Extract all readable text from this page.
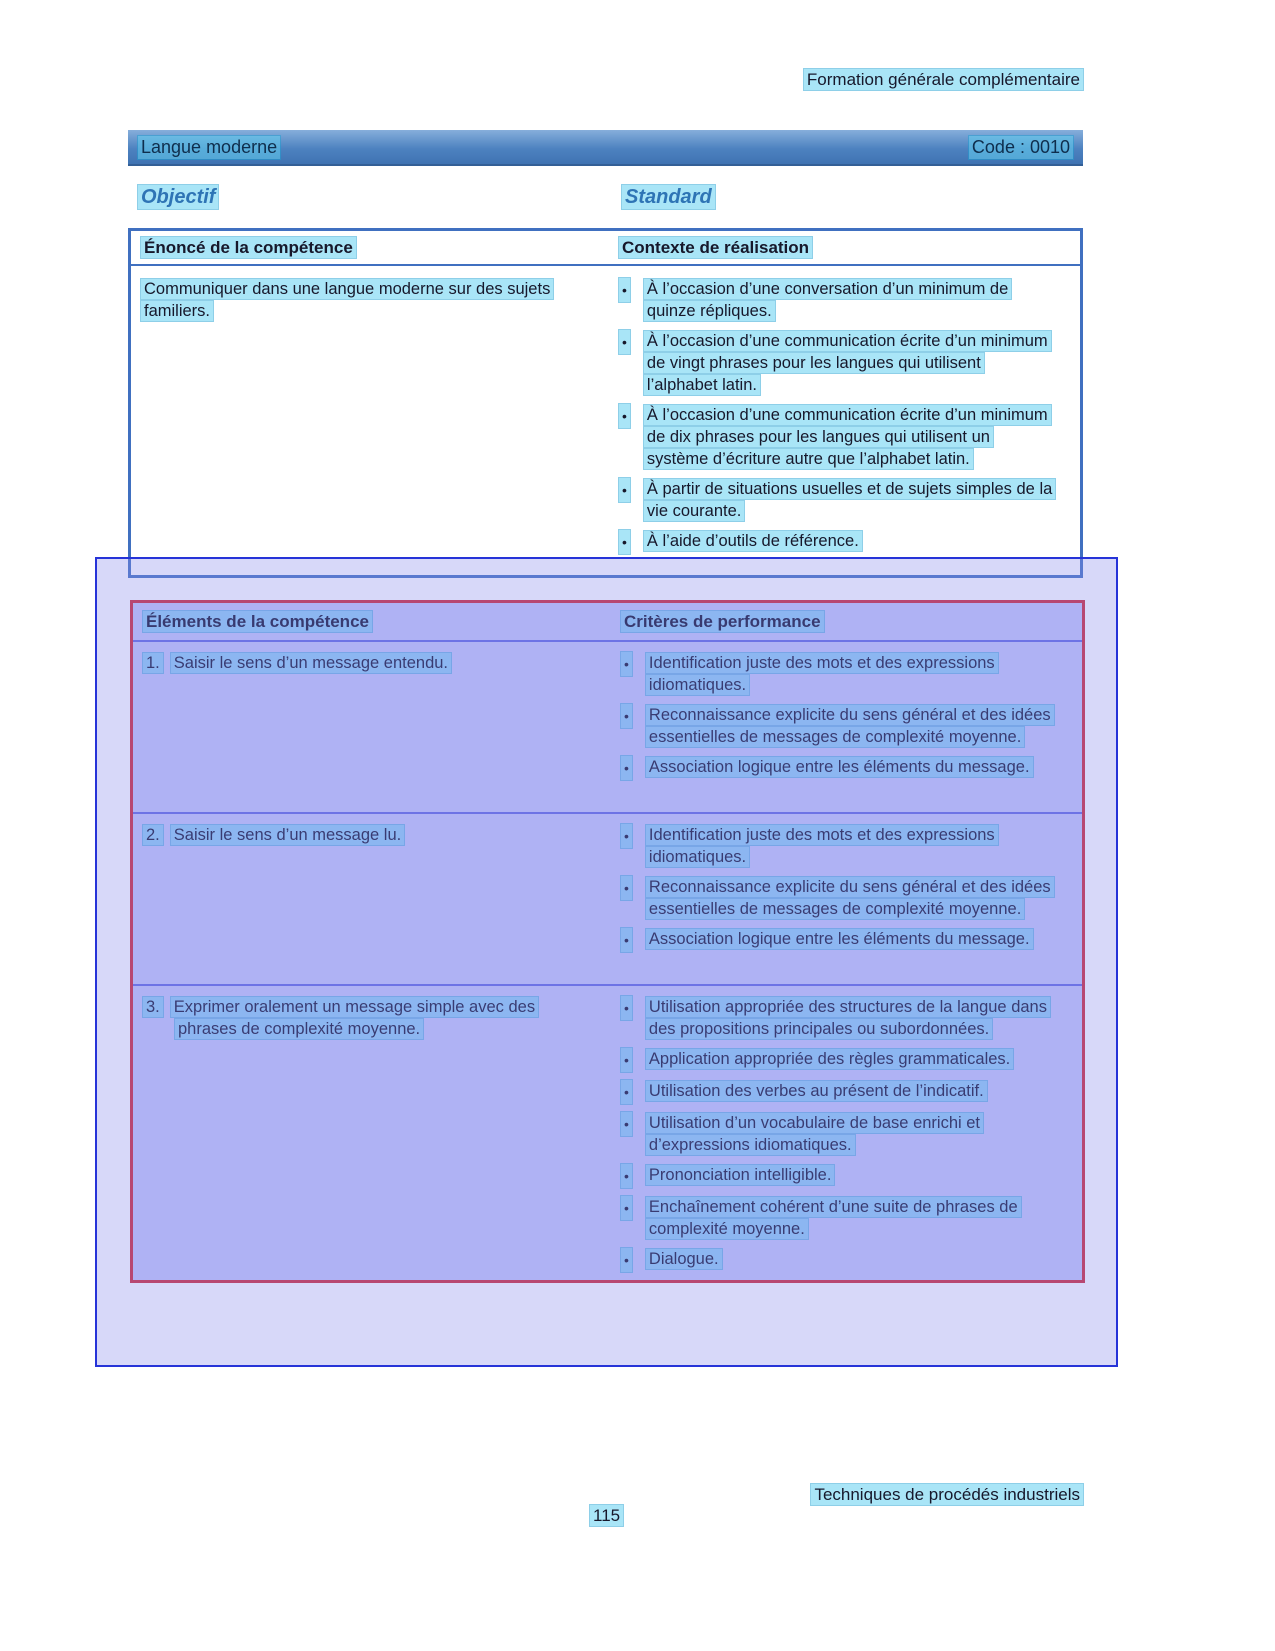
Formation générale complémentaire
Langue moderne	Code : 0010
Objectif	Standard
Énoncé de la compétence	Contexte de réalisation
Communiquer dans une langue moderne sur des sujets familiers.
• À l’occasion d’une conversation d’un minimum de quinze répliques.
• À l’occasion d’une communication écrite d’un minimum de vingt phrases pour les langues qui utilisent l’alphabet latin.
• À l’occasion d’une communication écrite d’un minimum de dix phrases pour les langues qui utilisent un système d’écriture autre que l’alphabet latin.
• À partir de situations usuelles et de sujets simples de la vie courante.
• À l’aide d’outils de référence.
Éléments de la compétence	Critères de performance
1. Saisir le sens d’un message entendu.	• Identification juste des mots et des expressions idiomatiques.
• Reconnaissance explicite du sens général et des idées essentielles de messages de complexité moyenne.
• Association logique entre les éléments du message.
2. Saisir le sens d’un message lu.	• Identification juste des mots et des expressions idiomatiques.
• Reconnaissance explicite du sens général et des idées essentielles de messages de complexité moyenne.
• Association logique entre les éléments du message.
3. Exprimer oralement un message simple avec des phrases de complexité moyenne.
• Utilisation appropriée des structures de la langue dans des propositions principales ou subordonnées.
• Application appropriée des règles grammaticales.
• Utilisation des verbes au présent de l’indicatif.
• Utilisation d’un vocabulaire de base enrichi et d’expressions idiomatiques.
• Prononciation intelligible.
• Enchaînement cohérent d’une suite de phrases de complexité moyenne.
• Dialogue.
Techniques de procédés industriels
115
